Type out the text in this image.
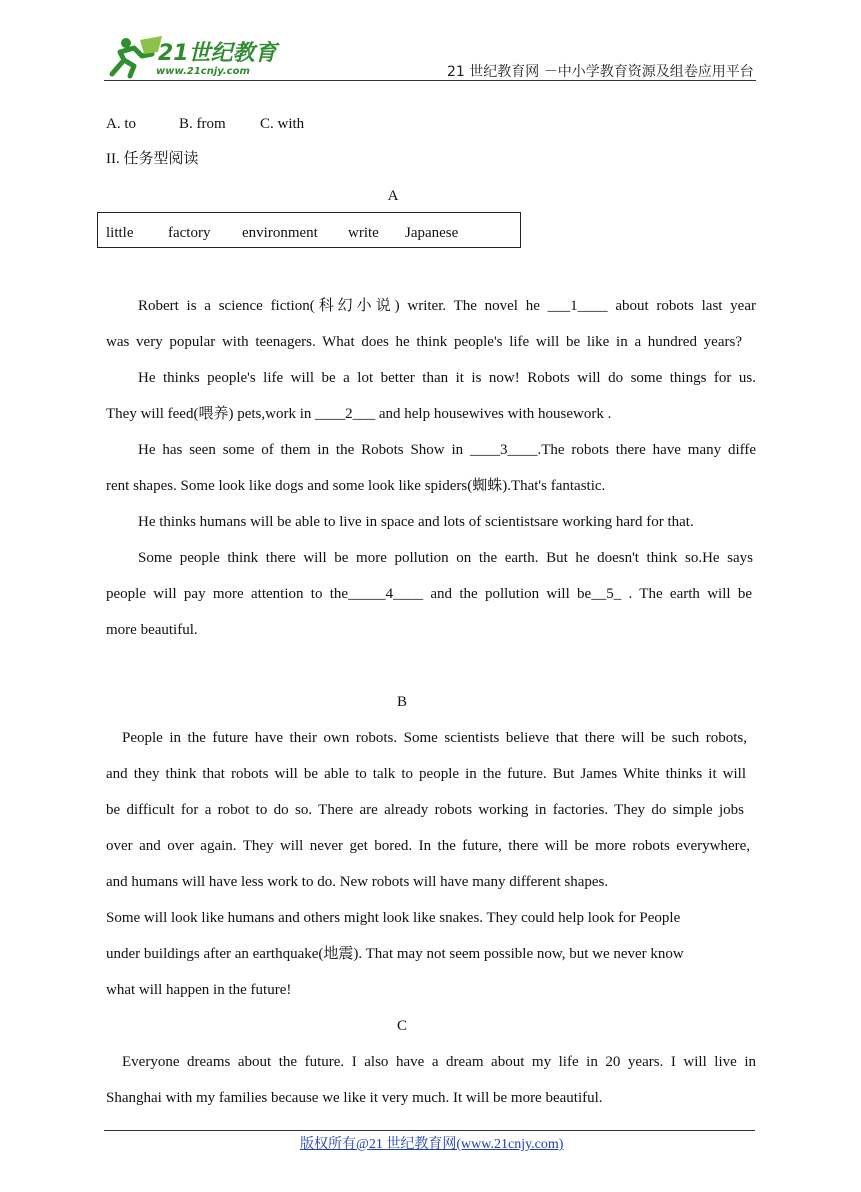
21世纪教育
www.21cnjy.com	21 世纪教育网 －中小学教育资源及组卷应用平台
A. to	B. from C. with
II. 任务型阅读
A
little factory environment write Japanese
Robert is a science fiction(科幻小说) writer. The novel he ___1____ about robots last year
was very popular with teenagers. What does he think people's life will be like in a hundred years?
He thinks people's life will be a lot better than it is now! Robots will do some things for us.
They will feed(喂养) pets,work in ____2___ and help housewives with housework .
He has seen some of them in the Robots Show in ____3____.The robots there have many diffe
rent shapes. Some look like dogs and some look like spiders(蜘蛛).That's fantastic.
He thinks humans will be able to live in space and lots of scientistsare working hard for that.
Some people think there will be more pollution on the earth. But he doesn't think so.He says
people will pay more attention to the_____4____ and the pollution will be__5_ . The earth will be
more beautiful.
B
People in the future have their own robots. Some scientists believe that there will be such robots,
and they think that robots will be able to talk to people in the future. But James White thinks it will
be difficult for a robot to do so. There are already robots working in factories. They do simple jobs
over and over again. They will never get bored. In the future, there will be more robots everywhere,
and humans will have less work to do. New robots will have many different shapes.
Some will look like humans and others might look like snakes. They could help look for People
under buildings after an earthquake(地震). That may not seem possible now, but we never know
what will happen in the future!
C
Everyone dreams about the future. I also have a dream about my life in 20 years. I will live in
Shanghai with my families because we like it very much. It will be more beautiful.
版权所有@21 世纪教育网(www.21cnjy.com)
